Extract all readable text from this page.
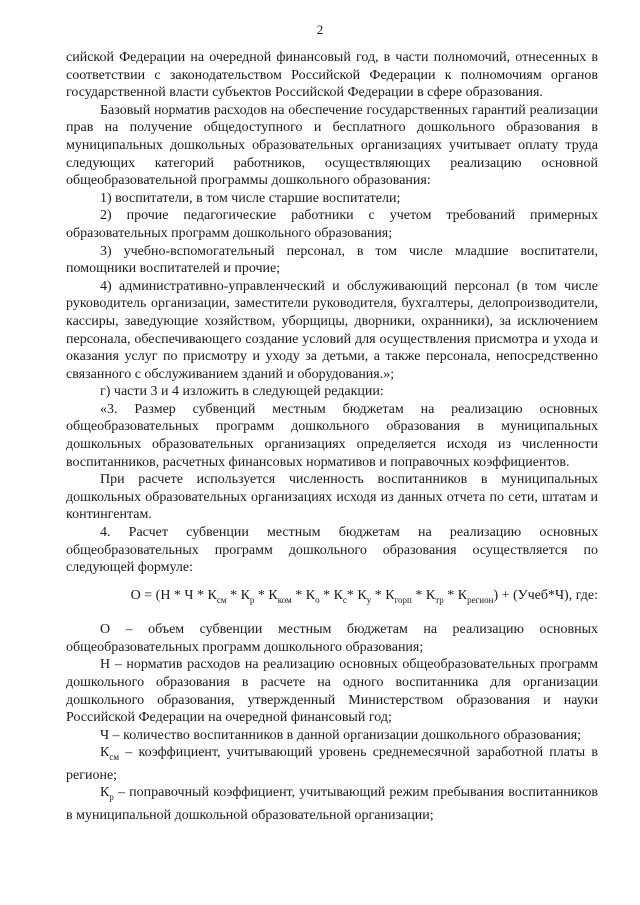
2

сийской Федерации на очередной финансовый год, в части полномочий, отнесенных в соответствии с законодательством Российской Федерации к полномочиям органов государственной власти субъектов Российской Федерации в сфере образования.

Базовый норматив расходов на обеспечение государственных гарантий реализации прав на получение общедоступного и бесплатного дошкольного образования в муниципальных дошкольных образовательных организациях учитывает оплату труда следующих категорий работников, осуществляющих реализацию основной общеобразовательной программы дошкольного образования:

1) воспитатели, в том числе старшие воспитатели;

2) прочие педагогические работники с учетом требований примерных образовательных программ дошкольного образования;

3) учебно-вспомогательный персонал, в том числе младшие воспитатели, помощники воспитателей и прочие;

4) административно-управленческий и обслуживающий персонал (в том числе руководитель организации, заместители руководителя, бухгалтеры, делопроизводители, кассиры, заведующие хозяйством, уборщицы, дворники, охранники), за исключением персонала, обеспечивающего создание условий для осуществления присмотра и ухода и оказания услуг по присмотру и уходу за детьми, а также персонала, непосредственно связанного с обслуживанием зданий и оборудования.»;

г) части 3 и 4 изложить в следующей редакции:

«3. Размер субвенций местным бюджетам на реализацию основных общеобразовательных программ дошкольного образования в муниципальных дошкольных образовательных организациях определяется исходя из численности воспитанников, расчетных финансовых нормативов и поправочных коэффициентов.

При расчете используется численность воспитанников в муниципальных дошкольных образовательных организациях исходя из данных отчета по сети, штатам и контингентам.

4. Расчет субвенции местным бюджетам на реализацию основных общеобразовательных программ дошкольного образования осуществляется по следующей формуле:

$О = (Н * Ч * К_{см} * К_р * К_{ком} * К_о * К_с*$ $К_у * К_{горп} * К_{тр} * К_{регион}$) + (Учеб*Ч), где:

О – объем субвенции местным бюджетам на реализацию основных общеобразовательных программ дошкольного образования;

Н – норматив расходов на реализацию основных общеобразовательных программ дошкольного образования в расчете на одного воспитанника для организации дошкольного образования, утвержденный Министерством образования и науки Российской Федерации на очередной финансовый год;

Ч – количество воспитанников в данной организации дошкольного образования;

$К_{см}$ – коэффициент, учитывающий уровень среднемесячной заработной платы в регионе;

$К_р$ – поправочный коэффициент, учитывающий режим пребывания воспитанников в муниципальной дошкольной образовательной организации;
